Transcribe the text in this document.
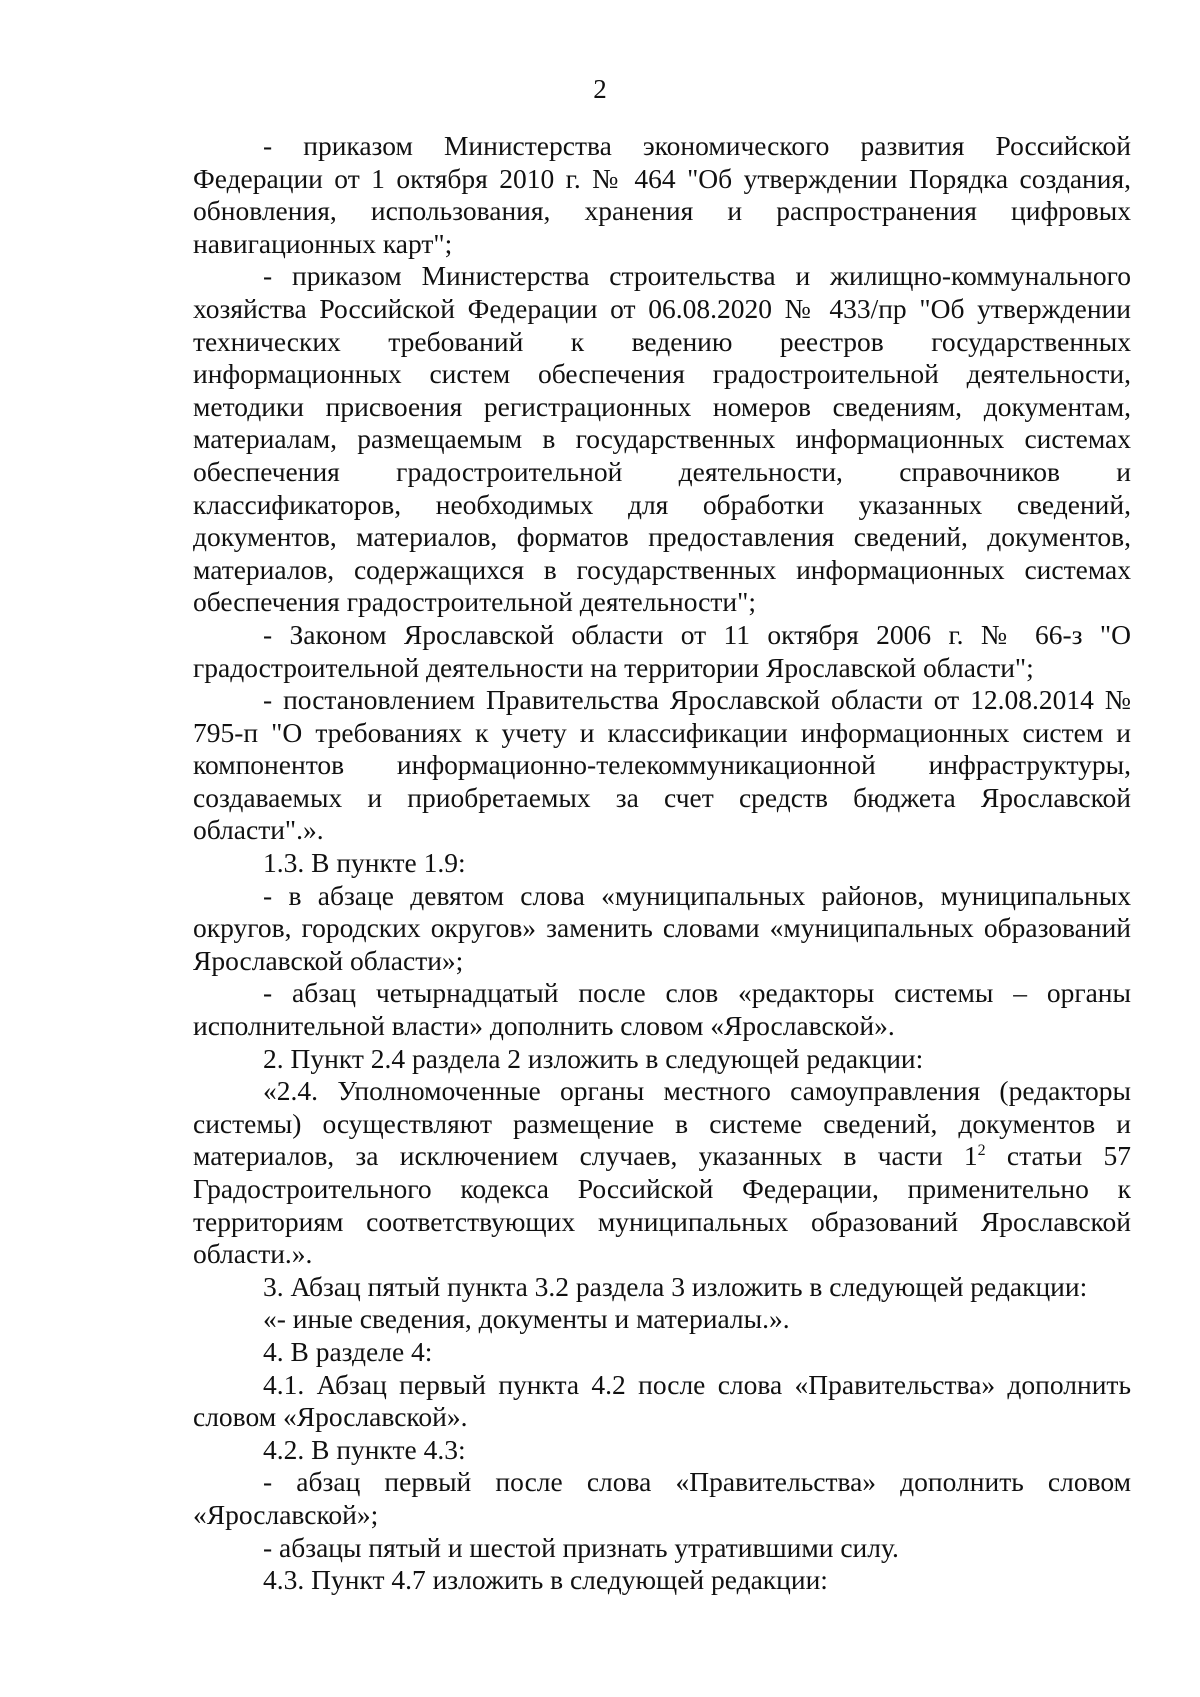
2

- приказом Министерства экономического развития Российской Федерации от 1 октября 2010 г. № 464 "Об утверждении Порядка создания, обновления, использования, хранения и распространения цифровых навигационных карт";

- приказом Министерства строительства и жилищно-коммунального хозяйства Российской Федерации от 06.08.2020 № 433/пр "Об утверждении технических требований к ведению реестров государственных информационных систем обеспечения градостроительной деятельности, методики присвоения регистрационных номеров сведениям, документам, материалам, размещаемым в государственных информационных системах обеспечения градостроительной деятельности, справочников и классификаторов, необходимых для обработки указанных сведений, документов, материалов, форматов предоставления сведений, документов, материалов, содержащихся в государственных информационных системах обеспечения градостроительной деятельности";

- Законом Ярославской области от 11 октября 2006 г. № 66-з "О градостроительной деятельности на территории Ярославской области";

- постановлением Правительства Ярославской области от 12.08.2014 № 795-п "О требованиях к учету и классификации информационных систем и компонентов информационно-телекоммуникационной инфраструктуры, создаваемых и приобретаемых за счет средств бюджета Ярославской области".».

1.3. В пункте 1.9:

- в абзаце девятом слова «муниципальных районов, муниципальных округов, городских округов» заменить словами «муниципальных образований Ярославской области»;

- абзац четырнадцатый после слов «редакторы системы – органы исполнительной власти» дополнить словом «Ярославской».

2. Пункт 2.4 раздела 2 изложить в следующей редакции:

«2.4. Уполномоченные органы местного самоуправления (редакторы системы) осуществляют размещение в системе сведений, документов и материалов, за исключением случаев, указанных в части $1^2$ статьи 57 Градостроительного кодекса Российской Федерации, применительно к территориям соответствующих муниципальных образований Ярославской области.».

3. Абзац пятый пункта 3.2 раздела 3 изложить в следующей редакции:

«- иные сведения, документы и материалы.».

4. В разделе 4:

4.1. Абзац первый пункта 4.2 после слова «Правительства» дополнить словом «Ярославской».

4.2. В пункте 4.3:

- абзац первый после слова «Правительства» дополнить словом «Ярославской»;

- абзацы пятый и шестой признать утратившими силу.

4.3. Пункт 4.7 изложить в следующей редакции:
